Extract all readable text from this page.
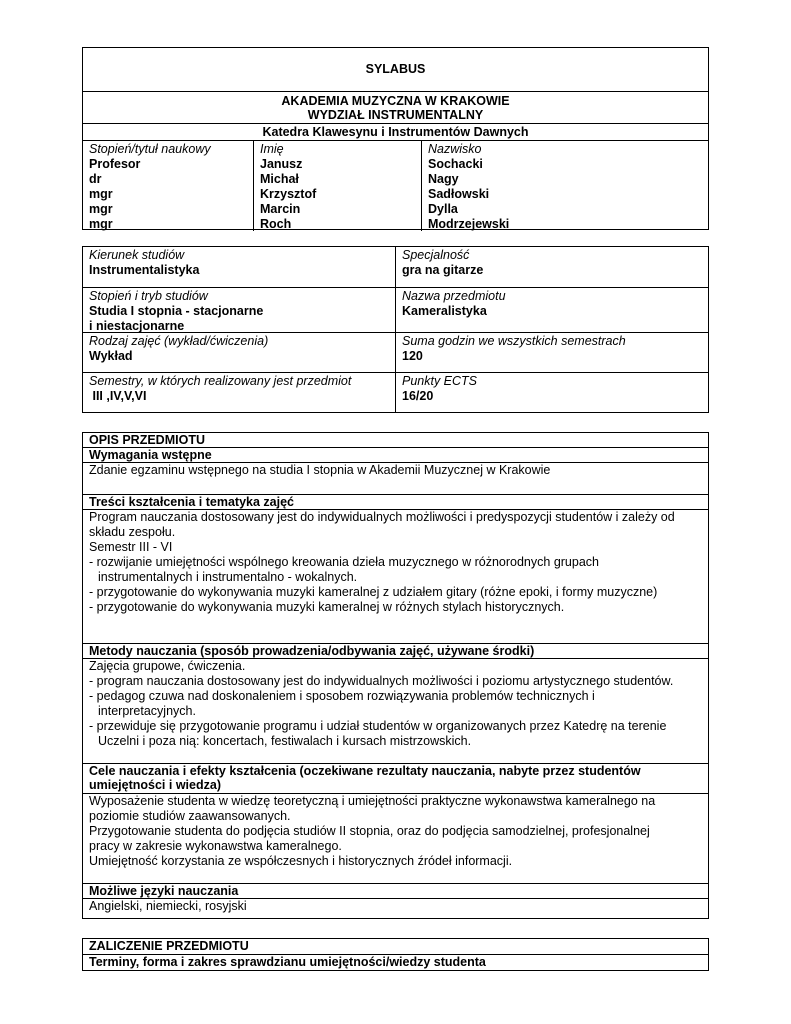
SYLABUS
AKADEMIA MUZYCZNA W KRAKOWIE
WYDZIAŁ INSTRUMENTALNY
Katedra Klawesynu i Instrumentów Dawnych
Stopień/tytuł naukowy
Profesor
dr
mgr
mgr
mgr
Imię
Janusz
Michał
Krzysztof
Marcin
Roch
Nazwisko
Sochacki
Nagy
Sadłowski
Dylla
Modrzejewski
Kierunek studiów
Instrumentalistyka
Specjalność
gra na gitarze
Stopień i tryb studiów
Studia I stopnia - stacjonarne
i niestacjonarne
Nazwa przedmiotu
Kameralistyka
Rodzaj zajęć (wykład/ćwiczenia)
Wykład
Suma godzin we wszystkich semestrach
120
Semestry, w których realizowany jest przedmiot
III ,IV,V,VI
Punkty ECTS
16/20
OPIS PRZEDMIOTU
Wymagania wstępne

Zdanie egzaminu wstępnego na studia I stopnia w Akademii Muzycznej w Krakowie

Treści kształcenia i tematyka zajęć

Program nauczania dostosowany jest do indywidualnych możliwości i predyspozycji studentów i zależy od

składu zespołu.

Semestr III - VI

- rozwijanie umiejętności wspólnego kreowania dzieła muzycznego w różnorodnych grupach

instrumentalnych i instrumentalno - wokalnych.

- przygotowanie do wykonywania muzyki kameralnej z udziałem gitary (różne epoki, i formy muzyczne)

- przygotowanie do wykonywania muzyki kameralnej w różnych stylach historycznych.

Metody nauczania (sposób prowadzenia/odbywania zajęć, używane środki)

Zajęcia grupowe, ćwiczenia.

- program nauczania dostosowany jest do indywidualnych możliwości i poziomu artystycznego studentów.

- pedagog czuwa nad doskonaleniem i sposobem rozwiązywania problemów technicznych i

interpretacyjnych.

- przewiduje się przygotowanie programu i udział studentów w organizowanych przez Katedrę na terenie

Uczelni i poza nią: koncertach, festiwalach i kursach mistrzowskich.

Cele nauczania i efekty kształcenia (oczekiwane rezultaty nauczania, nabyte przez studentów

umiejętności i wiedza)

Wyposażenie studenta w wiedzę teoretyczną i umiejętności praktyczne wykonawstwa kameralnego na

poziomie studiów zaawansowanych.

Przygotowanie studenta do podjęcia studiów II stopnia, oraz do podjęcia samodzielnej, profesjonalnej

pracy w zakresie wykonawstwa kameralnego.

Umiejętność korzystania ze współczesnych i historycznych źródeł informacji.

Możliwe języki nauczania

Angielski, niemiecki, rosyjski

ZALICZENIE PRZEDMIOTU
Terminy, forma i zakres sprawdzianu umiejętności/wiedzy studenta
